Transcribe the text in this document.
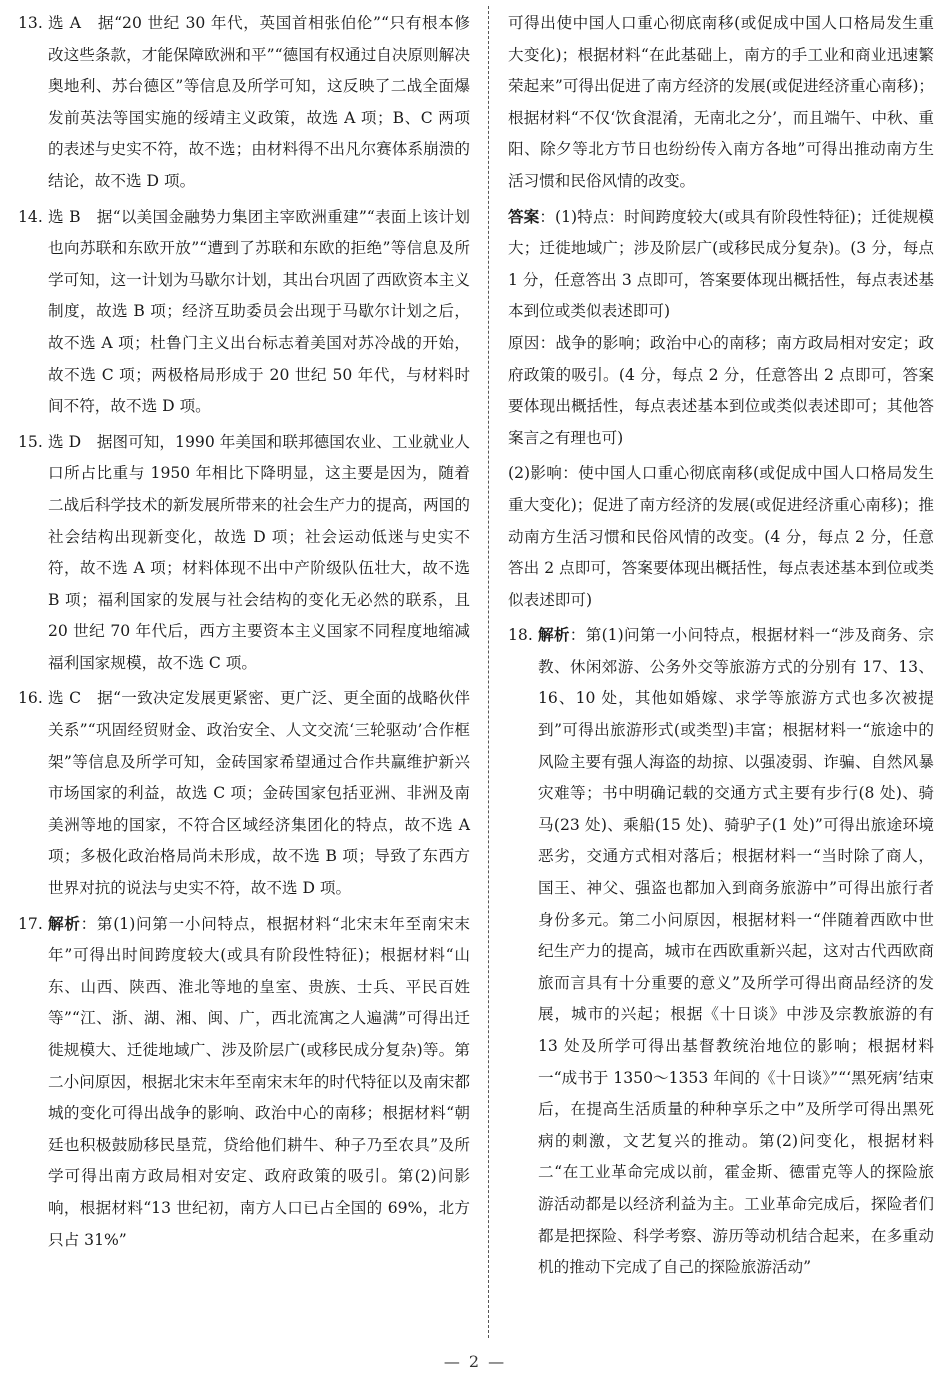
13. 选 A　据“20 世纪 30 年代，英国首相张伯伦”“只有根本修改这些条款，才能保障欧洲和平”“德国有权通过自决原则解决奥地利、苏台德区”等信息及所学可知，这反映了二战全面爆发前英法等国实施的绥靖主义政策，故选 A 项；B、C 两项的表述与史实不符，故不选；由材料得不出凡尔赛体系崩溃的结论，故不选 D 项。
14. 选 B　据“以美国金融势力集团主宰欧洲重建”“表面上该计划也向苏联和东欧开放”“遭到了苏联和东欧的拒绝”等信息及所学可知，这一计划为马歇尔计划，其出台巩固了西欧资本主义制度，故选 B 项；经济互助委员会出现于马歇尔计划之后，故不选 A 项；杜鲁门主义出台标志着美国对苏冷战的开始，故不选 C 项；两极格局形成于 20 世纪 50 年代，与材料时间不符，故不选 D 项。
15. 选 D　据图可知，1990 年美国和联邦德国农业、工业就业人口所占比重与 1950 年相比下降明显，这主要是因为，随着二战后科学技术的新发展所带来的社会生产力的提高，两国的社会结构出现新变化，故选 D 项；社会运动低迷与史实不符，故不选 A 项；材料体现不出中产阶级队伍壮大，故不选 B 项；福利国家的发展与社会结构的变化无必然的联系，且 20 世纪 70 年代后，西方主要资本主义国家不同程度地缩减福利国家规模，故不选 C 项。
16. 选 C　据“一致决定发展更紧密、更广泛、更全面的战略伙伴关系”“巩固经贸财金、政治安全、人文交流‘三轮驱动’合作框架”等信息及所学可知，金砖国家希望通过合作共赢维护新兴市场国家的利益，故选 C 项；金砖国家包括亚洲、非洲及南美洲等地的国家，不符合区域经济集团化的特点，故不选 A 项；多极化政治格局尚未形成，故不选 B 项；导致了东西方世界对抗的说法与史实不符，故不选 D 项。
17. 解析：第(1)问第一小问特点，根据材料“北宋末年至南宋末年”可得出时间跨度较大(或具有阶段性特征)；根据材料“山东、山西、陕西、淮北等地的皇室、贵族、士兵、平民百姓等”“江、浙、湖、湘、闽、广，西北流寓之人遍满”可得出迁徙规模大、迁徙地域广、涉及阶层广(或移民成分复杂)等。第二小问原因，根据北宋末年至南宋末年的时代特征以及南宋都城的变化可得出战争的影响、政治中心的南移；根据材料“朝廷也积极鼓励移民垦荒，贷给他们耕牛、种子乃至农具”及所学可得出南方政局相对安定、政府政策的吸引。第(2)问影响，根据材料“13 世纪初，南方人口已占全国的 69%，北方只占 31%”

可得出使中国人口重心彻底南移(或促成中国人口格局发生重大变化)；根据材料“在此基础上，南方的手工业和商业迅速繁荣起来”可得出促进了南方经济的发展(或促进经济重心南移)；根据材料“不仅‘饮食混淆，无南北之分’，而且端午、中秋、重阳、除夕等北方节日也纷纷传入南方各地”可得出推动南方生活习惯和民俗风情的改变。

答案：(1)特点：时间跨度较大(或具有阶段性特征)；迁徙规模大；迁徙地域广；涉及阶层广(或移民成分复杂)。(3 分，每点 1 分，任意答出 3 点即可，答案要体现出概括性，每点表述基本到位或类似表述即可)

原因：战争的影响；政治中心的南移；南方政局相对安定；政府政策的吸引。(4 分，每点 2 分，任意答出 2 点即可，答案要体现出概括性，每点表述基本到位或类似表述即可；其他答案言之有理也可)

(2)影响：使中国人口重心彻底南移(或促成中国人口格局发生重大变化)；促进了南方经济的发展(或促进经济重心南移)；推动南方生活习惯和民俗风情的改变。(4 分，每点 2 分，任意答出 2 点即可，答案要体现出概括性，每点表述基本到位或类似表述即可)

18. 解析：第(1)问第一小问特点，根据材料一“涉及商务、宗教、休闲郊游、公务外交等旅游方式的分别有 17、13、16、10 处，其他如婚嫁、求学等旅游方式也多次被提到”可得出旅游形式(或类型)丰富；根据材料一“旅途中的风险主要有强人海盗的劫掠、以强凌弱、诈骗、自然风暴灾难等；书中明确记载的交通方式主要有步行(8 处)、骑马(23 处)、乘船(15 处)、骑驴子(1 处)”可得出旅途环境恶劣，交通方式相对落后；根据材料一“当时除了商人，国王、神父、强盗也都加入到商务旅游中”可得出旅行者身份多元。第二小问原因，根据材料一“伴随着西欧中世纪生产力的提高，城市在西欧重新兴起，这对古代西欧商旅而言具有十分重要的意义”及所学可得出商品经济的发展，城市的兴起；根据《十日谈》中涉及宗教旅游的有 13 处及所学可得出基督教统治地位的影响；根据材料一“成书于 1350～1353 年间的《十日谈》”“‘黑死病’结束后，在提高生活质量的种种享乐之中”及所学可得出黑死病的刺激，文艺复兴的推动。第(2)问变化，根据材料二“在工业革命完成以前，霍金斯、德雷克等人的探险旅游活动都是以经济利益为主。工业革命完成后，探险者们都是把探险、科学考察、游历等动机结合起来，在多重动机的推动下完成了自己的探险旅游活动”
— 2 —
